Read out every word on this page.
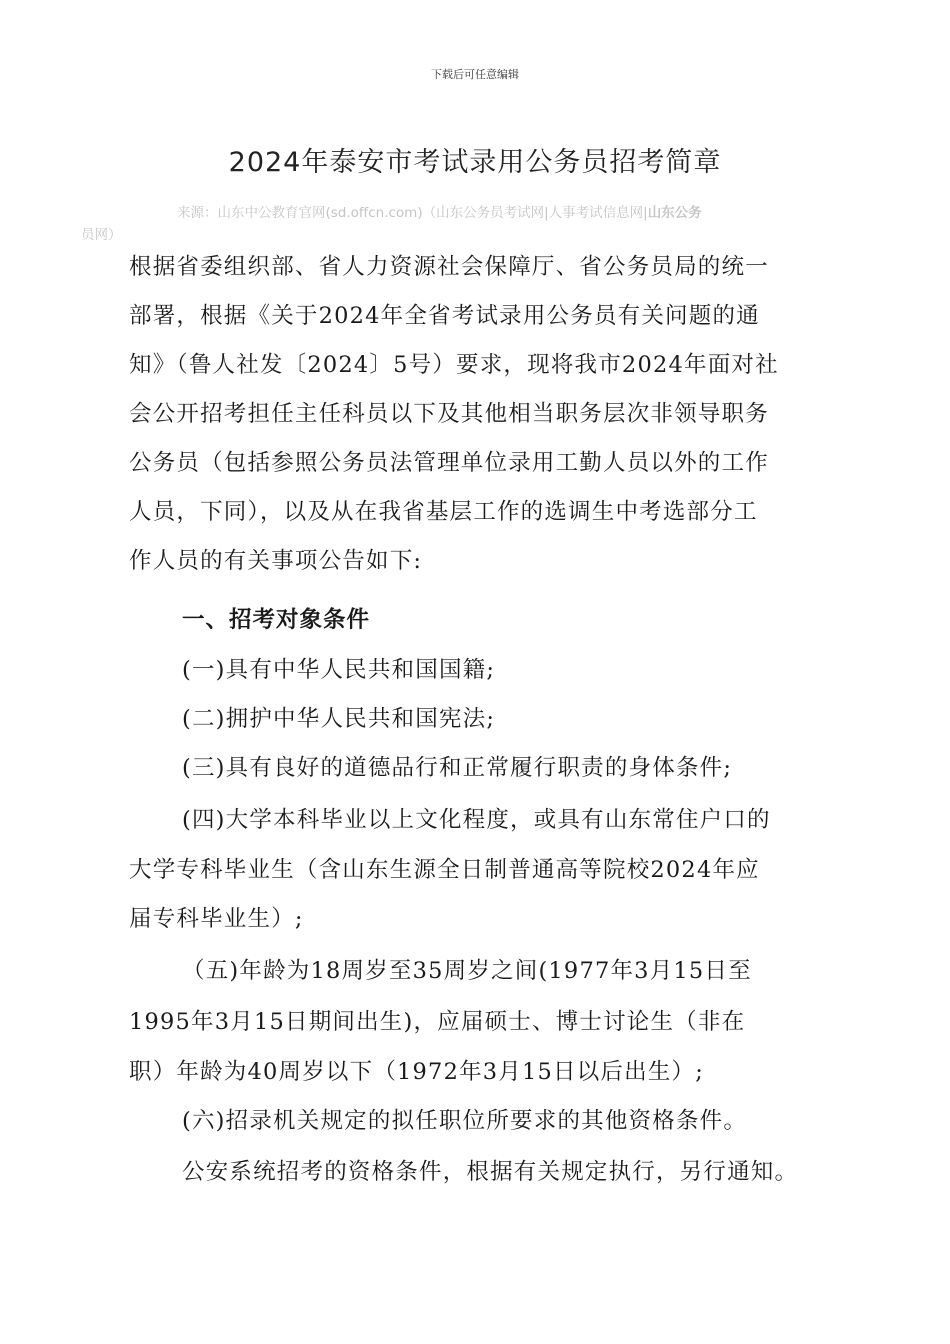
下载后可任意编辑
2024年泰安市考试录用公务员招考简章
来源：山东中公教育官网(sd.offcn.com)（山东公务员考试网|人事考试信息网|山东公务
员网）
根据省委组织部、省人力资源社会保障厅、省公务员局的统一
部署，根据《关于2024年全省考试录用公务员有关问题的通
知》（鲁人社发〔2024〕5号）要求，现将我市2024年面对社
会公开招考担任主任科员以下及其他相当职务层次非领导职务
公务员（包括参照公务员法管理单位录用工勤人员以外的工作
人员，下同），以及从在我省基层工作的选调生中考选部分工
作人员的有关事项公告如下:
一、招考对象条件
(一)具有中华人民共和国国籍;
(二)拥护中华人民共和国宪法;
(三)具有良好的道德品行和正常履行职责的身体条件;
(四)大学本科毕业以上文化程度，或具有山东常住户口的
大学专科毕业生（含山东生源全日制普通高等院校2024年应
届专科毕业生）;
（五)年龄为18周岁至35周岁之间(1977年3月15日至
1995年3月15日期间出生)，应届硕士、博士讨论生（非在
职）年龄为40周岁以下（1972年3月15日以后出生）;
(六)招录机关规定的拟任职位所要求的其他资格条件。
公安系统招考的资格条件，根据有关规定执行，另行通知。
